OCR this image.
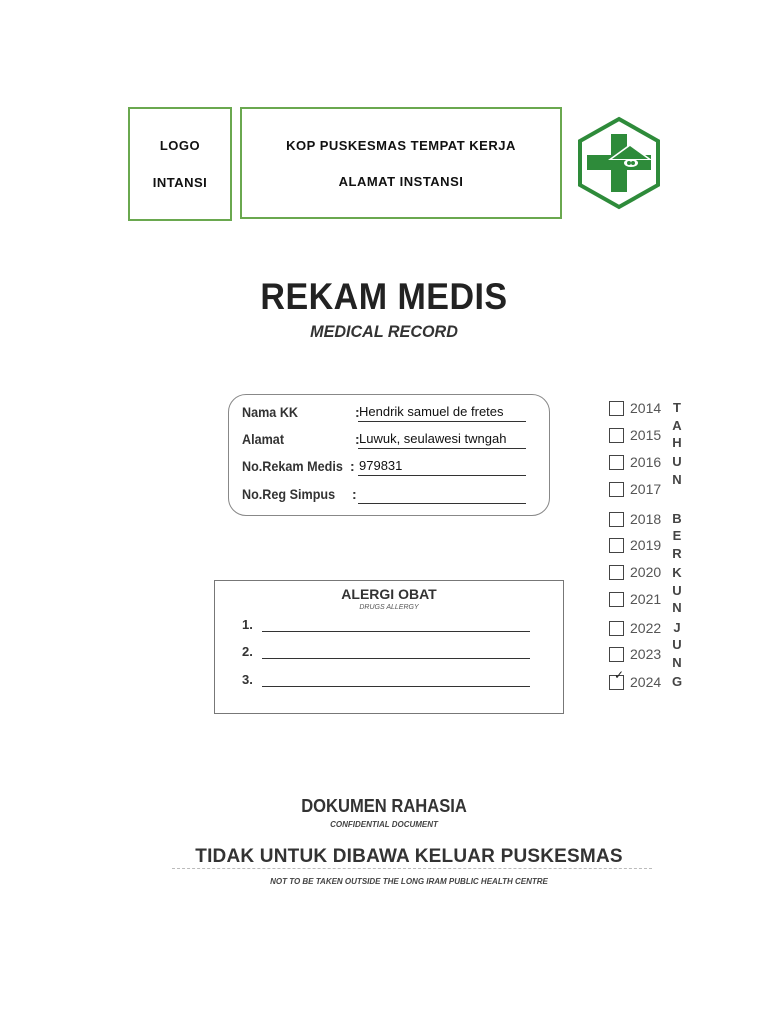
LOGO
INTANSI
KOP PUSKESMAS TEMPAT KERJA
ALAMAT INSTANSI
REKAM MEDIS
MEDICAL RECORD
Nama KK	: Hendrik samuel de fretes
Alamat	: Luwuk, seulawesi twngah
No.Rekam Medis : 979831
No.Reg Simpus :
ALERGI OBAT
DRUGS ALLERGY
1.
2.
3.
2014
2015
2016
2017
2018
2019
2020
2021
2022
2023
✓ 2024
T
A
H
U
N
B
E
R
K
U
N
J
U
N
G
DOKUMEN RAHASIA
CONFIDENTIAL DOCUMENT
TIDAK UNTUK DIBAWA KELUAR PUSKESMAS
NOT TO BE TAKEN OUTSIDE THE LONG IRAM PUBLIC HEALTH CENTRE
